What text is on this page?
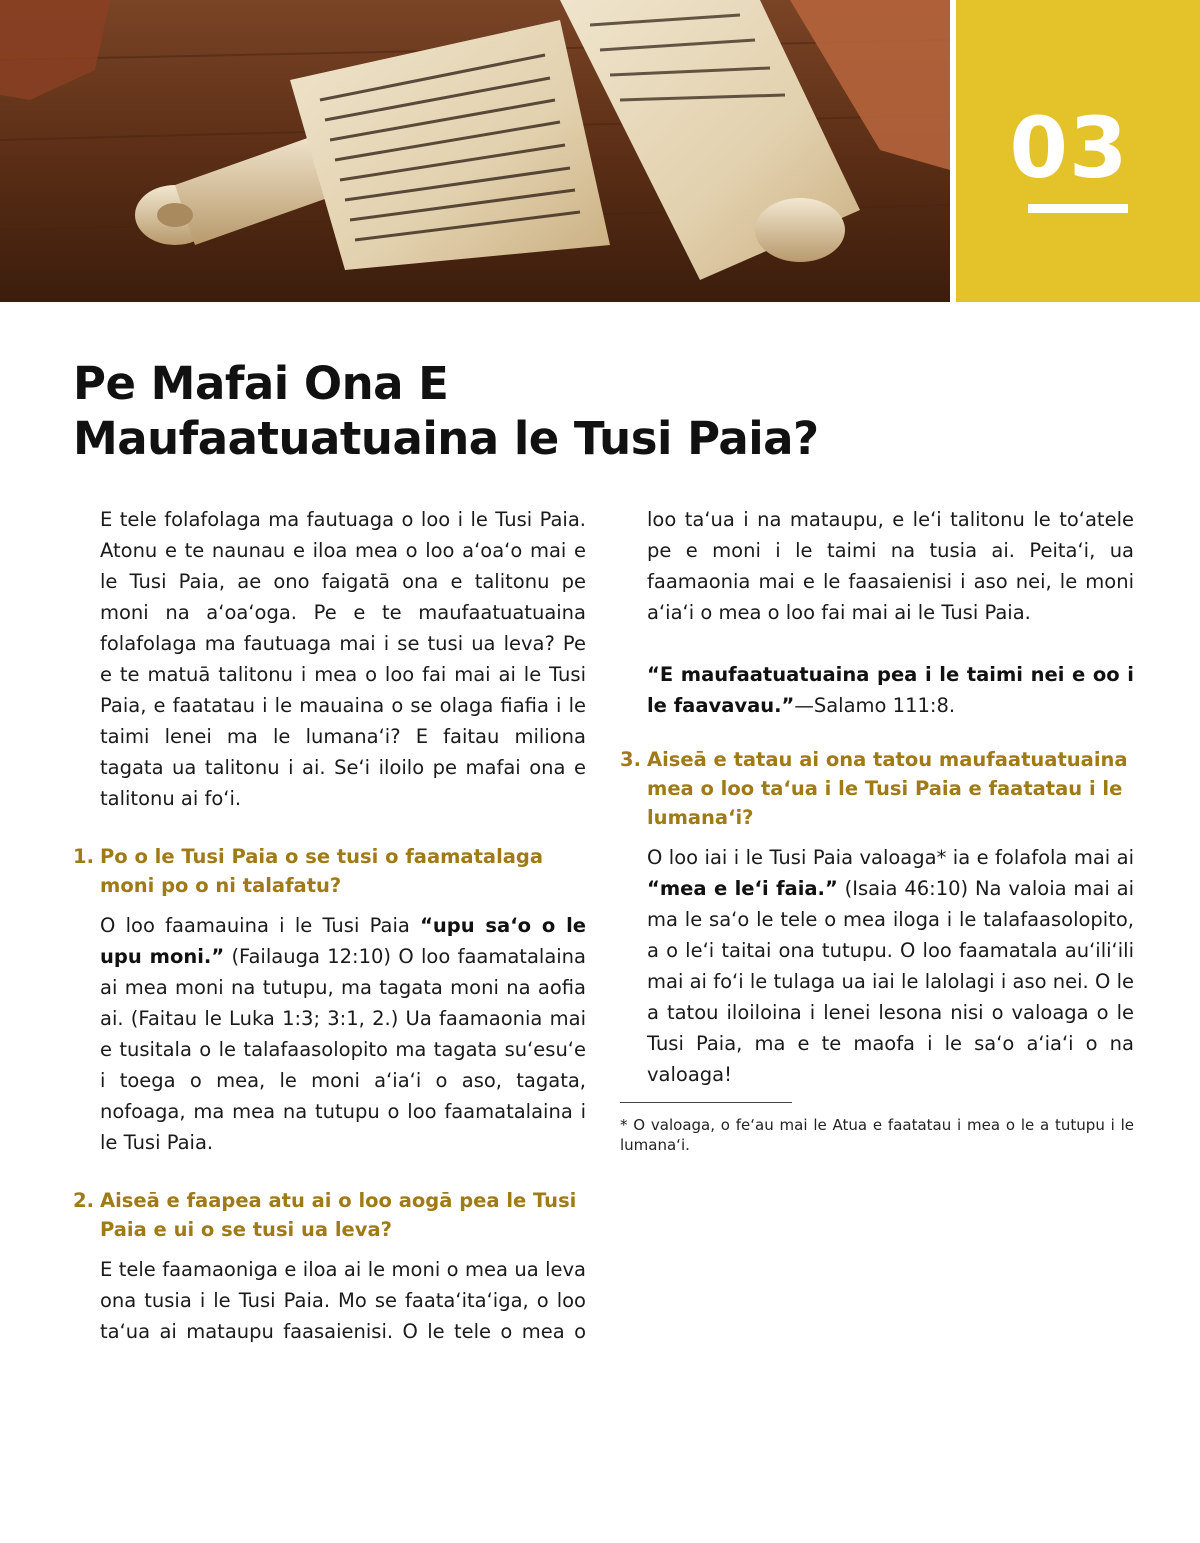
03
Pe Mafai Ona E
Maufaatuatuaina le Tusi Paia?

E tele folafolaga ma fautuaga o loo i le Tusi Paia. Atonu e te naunau e iloa mea o loo a‘oa‘o mai e le Tusi Paia, ae ono faigatā ona e talitonu pe moni na a‘oa‘oga. Pe e te maufaatuatuaina folafolaga ma fautuaga mai i se tusi ua leva? Pe e te matuā talitonu i mea o loo fai mai ai le Tusi Paia, e faatatau i le mauaina o se olaga fiafia i le taimi lenei ma le lumana‘i? E faitau miliona tagata ua talitonu i ai. Se‘i iloilo pe mafai ona e talitonu ai fo‘i.

1. Po o le Tusi Paia o se tusi o faamatalaga moni po o ni talafatu?

O loo faamauina i le Tusi Paia “upu sa‘o o le upu moni.” (Failauga 12:10) O loo faamatalaina ai mea moni na tutupu, ma tagata moni na aofia ai. (Faitau le Luka 1:3; 3:1, 2.) Ua faamaonia mai e tusitala o le talafaasolopito ma tagata su‘esu‘e i toega o mea, le moni a‘ia‘i o aso, tagata, nofoaga, ma mea na tutupu o loo faamatalaina i le Tusi Paia.

2. Aiseā e faapea atu ai o loo aogā pea le Tusi Paia e ui o se tusi ua leva?

E tele faamaoniga e iloa ai le moni o mea ua leva ona tusia i le Tusi Paia. Mo se faata‘ita‘iga, o loo ta‘ua ai mataupu faasaienisi. O le tele o mea o

loo ta‘ua i na mataupu, e le‘i talitonu le to‘atele pe e moni i le taimi na tusia ai. Peita‘i, ua faamaonia mai e le faasaienisi i aso nei, le moni a‘ia‘i o mea o loo fai mai ai le Tusi Paia.

“E maufaatuatuaina pea i le taimi nei e oo i le faavavau.”—Salamo 111:8.

3. Aiseā e tatau ai ona tatou maufaatuatuaina mea o loo ta‘ua i le Tusi Paia e faatatau i le lumana‘i?

O loo iai i le Tusi Paia valoaga* ia e folafola mai ai “mea e le‘i faia.” (Isaia 46:10) Na valoia mai ai ma le sa‘o le tele o mea iloga i le talafaasolopito, a o le‘i taitai ona tutupu. O loo faamatala au‘ili‘ili mai ai fo‘i le tulaga ua iai le lalolagi i aso nei. O le a tatou iloiloina i lenei lesona nisi o valoaga o le Tusi Paia, ma e te maofa i le sa‘o a‘ia‘i o na valoaga!

* O valoaga, o fe‘au mai le Atua e faatatau i mea o le a tutupu i le lumana‘i.
